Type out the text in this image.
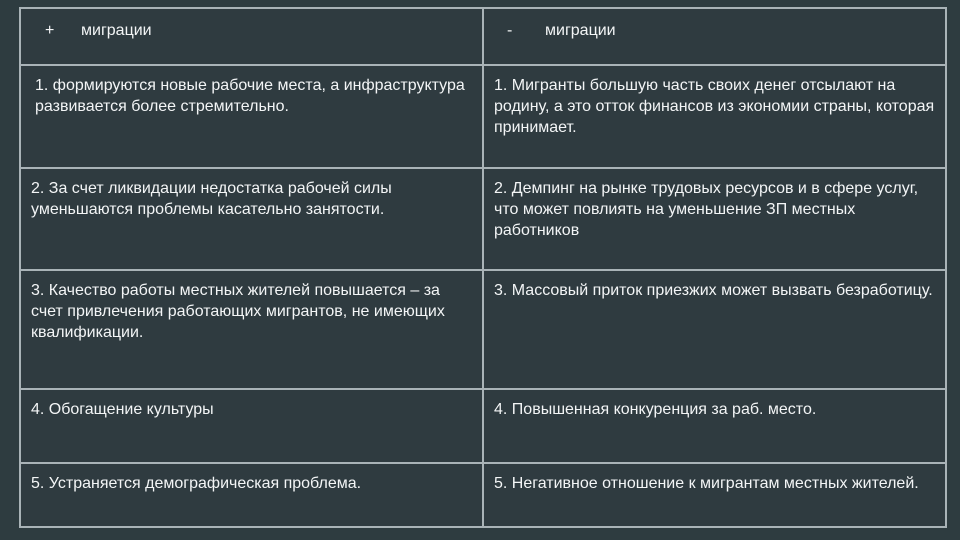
+ миграции	- миграции

1. формируются новые рабочие места, а инфраструктура развивается более стремительно.	1. Мигранты большую часть своих денег отсылают на родину, а это отток финансов из экономии страны, которая принимает.
2. За счет ликвидации недостатка рабочей силы уменьшаются проблемы касательно занятости.	2. Демпинг на рынке трудовых ресурсов и в сфере услуг, что может повлиять на уменьшение ЗП местных работников
3. Качество работы местных жителей повышается – за счет привлечения работающих мигрантов, не имеющих квалификации.	3. Массовый приток приезжих может вызвать безработицу.
4. Обогащение культуры	4. Повышенная конкуренция за раб. место.
5. Устраняется демографическая проблема.	5. Негативное отношение к мигрантам местных жителей.
